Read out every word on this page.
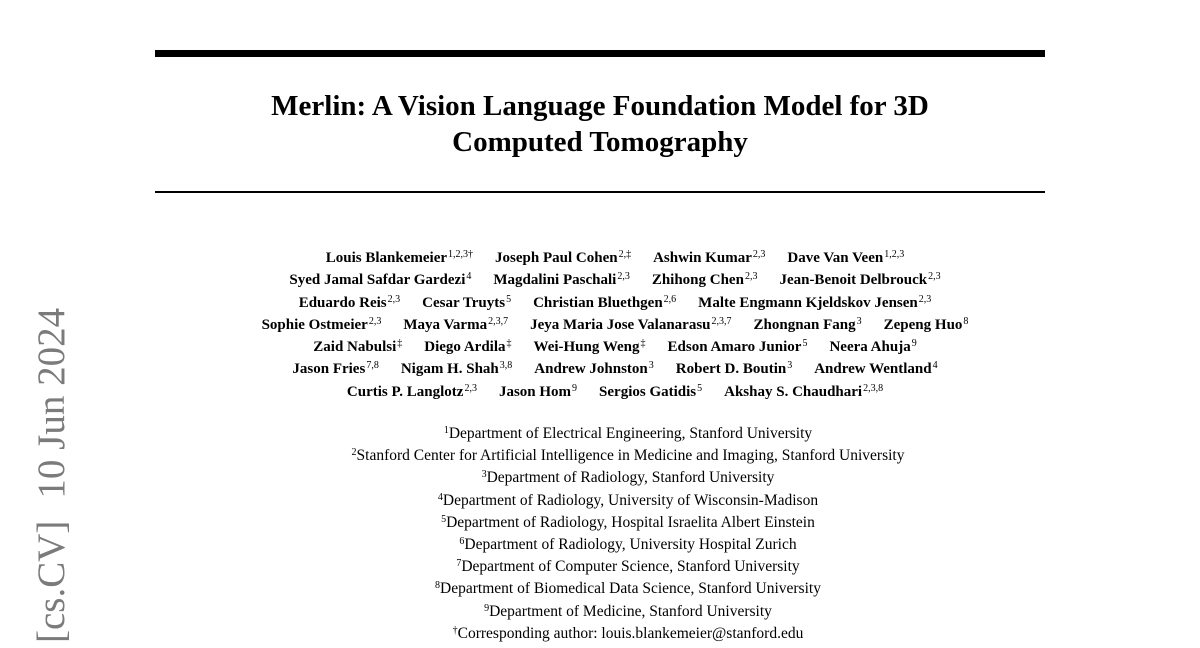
[cs.CV]10 Jun 2024
Merlin: A Vision Language Foundation Model for 3D
Computed Tomography
Louis Blankemeier$^{1,2,3\dagger}$ Joseph Paul Cohen$^{2,\ddagger}$ Ashwin Kumar$^{2,3}$ Dave Van Veen$^{1,2,3}$
Syed Jamal Safdar Gardezi$^4$ Magdalini Paschali$^{2,3}$ Zhihong Chen$^{2,3}$ Jean-Benoit Delbrouck$^{2,3}$
Eduardo Reis$^{2,3}$ Cesar Truyts$^5$ Christian Bluethgen$^{2,6}$ Malte Engmann Kjeldskov Jensen$^{2,3}$
Sophie Ostmeier$^{2,3}$ Maya Varma$^{2,3,7}$ Jeya Maria Jose Valanarasu$^{2,3,7}$ Zhongnan Fang$^3$ Zepeng Huo$^8$
Zaid Nabulsi‡ Diego Ardila‡ Wei-Hung Weng‡ Edson Amaro Junior$^5$ Neera Ahuja$^9$
Jason Fries$^{7,8}$ Nigam H. Shah$^{3,8}$ Andrew Johnston$^3$ Robert D. Boutin$^3$ Andrew Wentland$^4$
Curtis P. Langlotz$^{2,3}$ Jason Hom$^9$ Sergios Gatidis$^5$ Akshay S. Chaudhari$^{2,3,8}$
$^1$Department of Electrical Engineering, Stanford University
$^2$Stanford Center for Artificial Intelligence in Medicine and Imaging, Stanford University
$^3$Department of Radiology, Stanford University
$^4$Department of Radiology, University of Wisconsin-Madison
$^5$Department of Radiology, Hospital Israelita Albert Einstein
$^6$Department of Radiology, University Hospital Zurich
$^7$Department of Computer Science, Stanford University
$^8$Department of Biomedical Data Science, Stanford University
$^9$Department of Medicine, Stanford University
†Corresponding author: louis.blankemeier@stanford.edu
